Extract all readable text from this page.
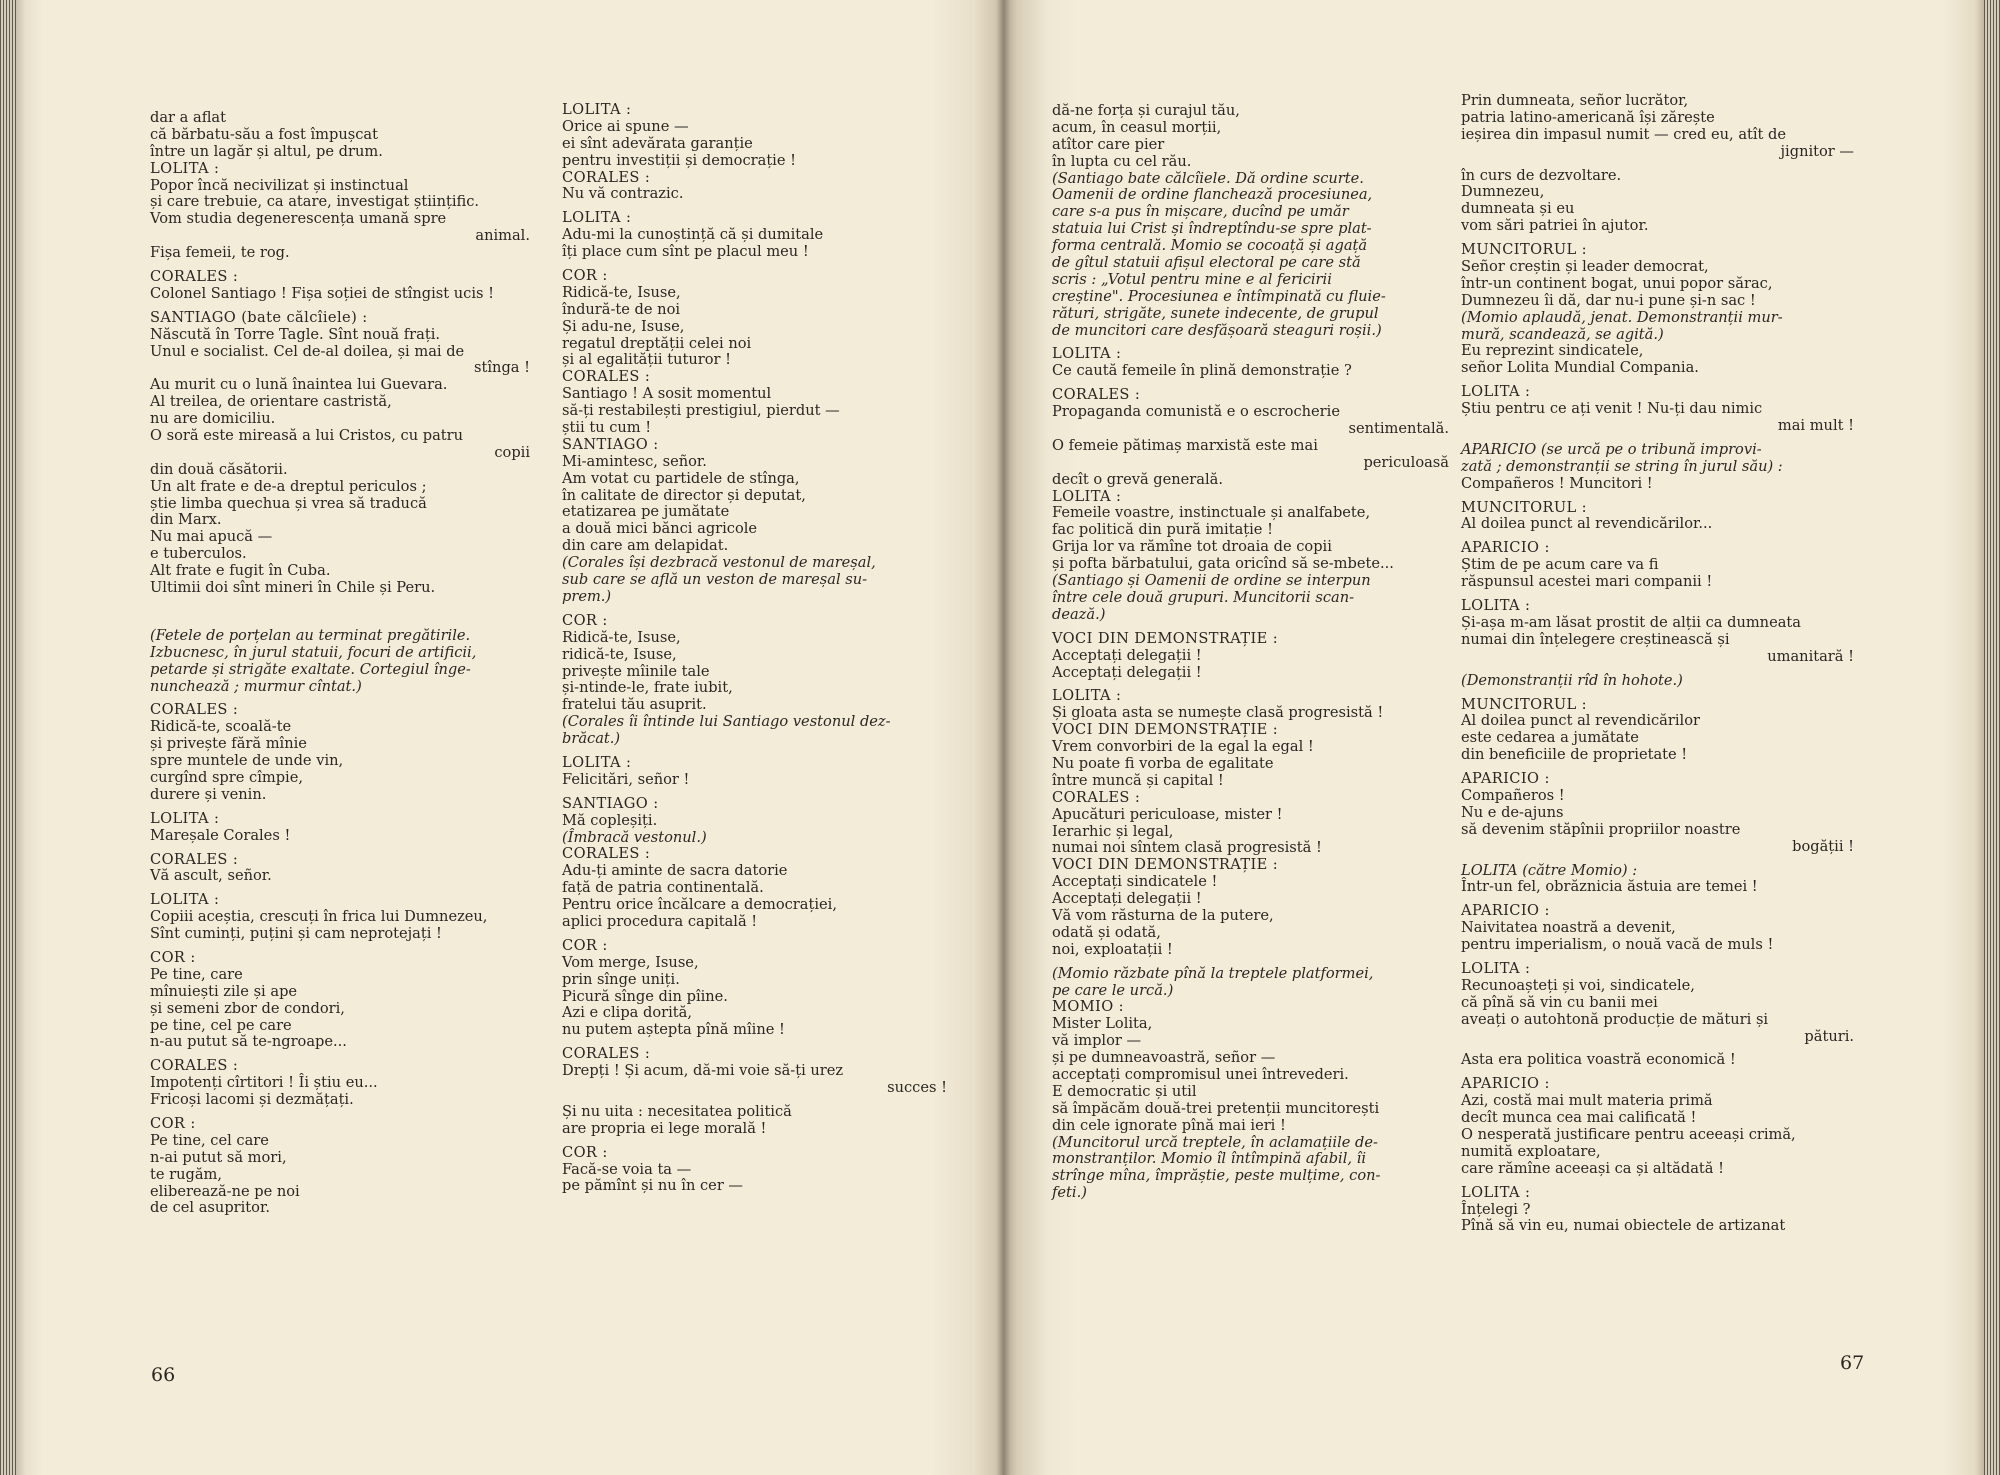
dar a aflat
că bărbatu-său a fost împușcat
între un lagăr și altul, pe drum.
LOLITA :
Popor încă necivilizat și instinctual
și care trebuie, ca atare, investigat științific.
Vom studia degenerescența umană spre
animal.
Fișa femeii, te rog.
CORALES :
Colonel Santiago ! Fișa soției de stîngist ucis !
SANTIAGO (bate călcîiele) :
Născută în Torre Tagle. Sînt nouă frați.
Unul e socialist. Cel de-al doilea, și mai de
stînga !
Au murit cu o lună înaintea lui Guevara.
Al treilea, de orientare castristă,
nu are domiciliu.
O soră este mireasă a lui Cristos, cu patru
copii
din două căsătorii.
Un alt frate e de-a dreptul periculos ;
știe limba quechua și vrea să traducă
din Marx.
Nu mai apucă —
e tuberculos.
Alt frate e fugit în Cuba.
Ultimii doi sînt mineri în Chile și Peru.
(Fetele de porțelan au terminat pregătirile.
Izbucnesc, în jurul statuii, focuri de artificii,
petarde și strigăte exaltate. Cortegiul înge-
nunchează ; murmur cîntat.)
CORALES :
Ridică-te, scoală-te
și privește fără mînie
spre muntele de unde vin,
curgînd spre cîmpie,
durere și venin.
LOLITA :
Mareșale Corales !
CORALES :
Vă ascult, señor.
LOLITA :
Copiii aceștia, crescuți în frica lui Dumnezeu,
Sînt cuminți, puțini și cam neprotejați !
COR :
Pe tine, care
mînuiești zile și ape
și semeni zbor de condori,
pe tine, cel pe care
n-au putut să te-ngroape...
CORALES :
Impotenți cîrtitori ! Îi știu eu...
Fricoși lacomi și dezmățați.
COR :
Pe tine, cel care
n-ai putut să mori,
te rugăm,
eliberează-ne pe noi
de cel asupritor.
LOLITA :
Orice ai spune —
ei sînt adevărata garanție
pentru investiții și democrație !
CORALES :
Nu vă contrazic.
LOLITA :
Adu-mi la cunoștință că și dumitale
îți place cum sînt pe placul meu !
COR :
Ridică-te, Isuse,
îndură-te de noi
Și adu-ne, Isuse,
regatul dreptății celei noi
și al egalității tuturor !
CORALES :
Santiago ! A sosit momentul
să-ți restabilești prestigiul, pierdut —
știi tu cum !
SANTIAGO :
Mi-amintesc, señor.
Am votat cu partidele de stînga,
în calitate de director și deputat,
etatizarea pe jumătate
a două mici bănci agricole
din care am delapidat.
(Corales își dezbracă vestonul de mareșal,
sub care se află un veston de mareșal su-
prem.)
COR :
Ridică-te, Isuse,
ridică-te, Isuse,
privește mîinile tale
și-ntinde-le, frate iubit,
fratelui tău asuprit.
(Corales îi întinde lui Santiago vestonul dez-
brăcat.)
LOLITA :
Felicitări, señor !
SANTIAGO :
Mă copleșiți.
(Îmbracă vestonul.)
CORALES :
Adu-ți aminte de sacra datorie
față de patria continentală.
Pentru orice încălcare a democrației,
aplici procedura capitală !
COR :
Vom merge, Isuse,
prin sînge uniți.
Picură sînge din pîine.
Azi e clipa dorită,
nu putem aștepta pînă mîine !
CORALES :
Drepți ! Și acum, dă-mi voie să-ți urez
succes !
Și nu uita : necesitatea politică
are propria ei lege morală !
COR :
Facă-se voia ta —
pe pămînt și nu în cer —
66
dă-ne forța și curajul tău,
acum, în ceasul morții,
atîtor care pier
în lupta cu cel rău.
(Santiago bate călcîiele. Dă ordine scurte.
Oamenii de ordine flanchează procesiunea,
care s-a pus în mișcare, ducînd pe umăr
statuia lui Crist și îndreptîndu-se spre plat-
forma centrală. Momio se cocoață și agață
de gîtul statuii afișul electoral pe care stă
scris : „Votul pentru mine e al fericirii
creștine". Procesiunea e întîmpinată cu fluie-
rături, strigăte, sunete indecente, de grupul
de muncitori care desfășoară steaguri roșii.)
LOLITA :
Ce caută femeile în plină demonstrație ?
CORALES :
Propaganda comunistă e o escrocherie
sentimentală.
O femeie pătimaș marxistă este mai
periculoasă
decît o grevă generală.
LOLITA :
Femeile voastre, instinctuale și analfabete,
fac politică din pură imitație !
Grija lor va rămîne tot droaia de copii
și pofta bărbatului, gata oricînd să se-mbete...
(Santiago și Oamenii de ordine se interpun
între cele două grupuri. Muncitorii scan-
dează.)
VOCI DIN DEMONSTRAȚIE :
Acceptați delegații !
Acceptați delegații !
LOLITA :
Și gloata asta se numește clasă progresistă !
VOCI DIN DEMONSTRAȚIE :
Vrem convorbiri de la egal la egal !
Nu poate fi vorba de egalitate
între muncă și capital !
CORALES :
Apucături periculoase, mister !
Ierarhic și legal,
numai noi sîntem clasă progresistă !
VOCI DIN DEMONSTRAȚIE :
Acceptați sindicatele !
Acceptați delegații !
Vă vom răsturna de la putere,
odată și odată,
noi, exploatații !
(Momio răzbate pînă la treptele platformei,
pe care le urcă.)
MOMIO :
Mister Lolita,
vă implor —
și pe dumneavoastră, señor —
acceptați compromisul unei întrevederi.
E democratic și util
să împăcăm două-trei pretenții muncitorești
din cele ignorate pînă mai ieri !
(Muncitorul urcă treptele, în aclamațiile de-
monstranților. Momio îl întîmpină afabil, îi
strînge mîna, împrăștie, peste mulțime, con-
feti.)
Prin dumneata, señor lucrător,
patria latino-americană își zărește
ieșirea din impasul numit — cred eu, atît de
jignitor —
în curs de dezvoltare.
Dumnezeu,
dumneata și eu
vom sări patriei în ajutor.
MUNCITORUL :
Señor creștin și leader democrat,
într-un continent bogat, unui popor sărac,
Dumnezeu îi dă, dar nu-i pune și-n sac !
(Momio aplaudă, jenat. Demonstranții mur-
mură, scandează, se agită.)
Eu reprezint sindicatele,
señor Lolita Mundial Compania.
LOLITA :
Știu pentru ce ați venit ! Nu-ți dau nimic
mai mult !
APARICIO (se urcă pe o tribună improvi-
zată ; demonstranții se string în jurul său) :
Compañeros ! Muncitori !
MUNCITORUL :
Al doilea punct al revendicărilor...
APARICIO :
Știm de pe acum care va fi
răspunsul acestei mari companii !
LOLITA :
Și-așa m-am lăsat prostit de alții ca dumneata
numai din înțelegere creștinească și
umanitară !
(Demonstranții rîd în hohote.)
MUNCITORUL :
Al doilea punct al revendicărilor
este cedarea a jumătate
din beneficiile de proprietate !
APARICIO :
Compañeros !
Nu e de-ajuns
să devenim stăpînii propriilor noastre
bogății !
LOLITA (către Momio) :
Într-un fel, obrăznicia ăstuia are temei !
APARICIO :
Naivitatea noastră a devenit,
pentru imperialism, o nouă vacă de muls !
LOLITA :
Recunoașteți și voi, sindicatele,
că pînă să vin cu banii mei
aveați o autohtonă producție de mături și
pături.
Asta era politica voastră economică !
APARICIO :
Azi, costă mai mult materia primă
decît munca cea mai calificată !
O nesperată justificare pentru aceeași crimă,
numită exploatare,
care rămîne aceeași ca și altădată !
LOLITA :
Înțelegi ?
Pînă să vin eu, numai obiectele de artizanat
67
